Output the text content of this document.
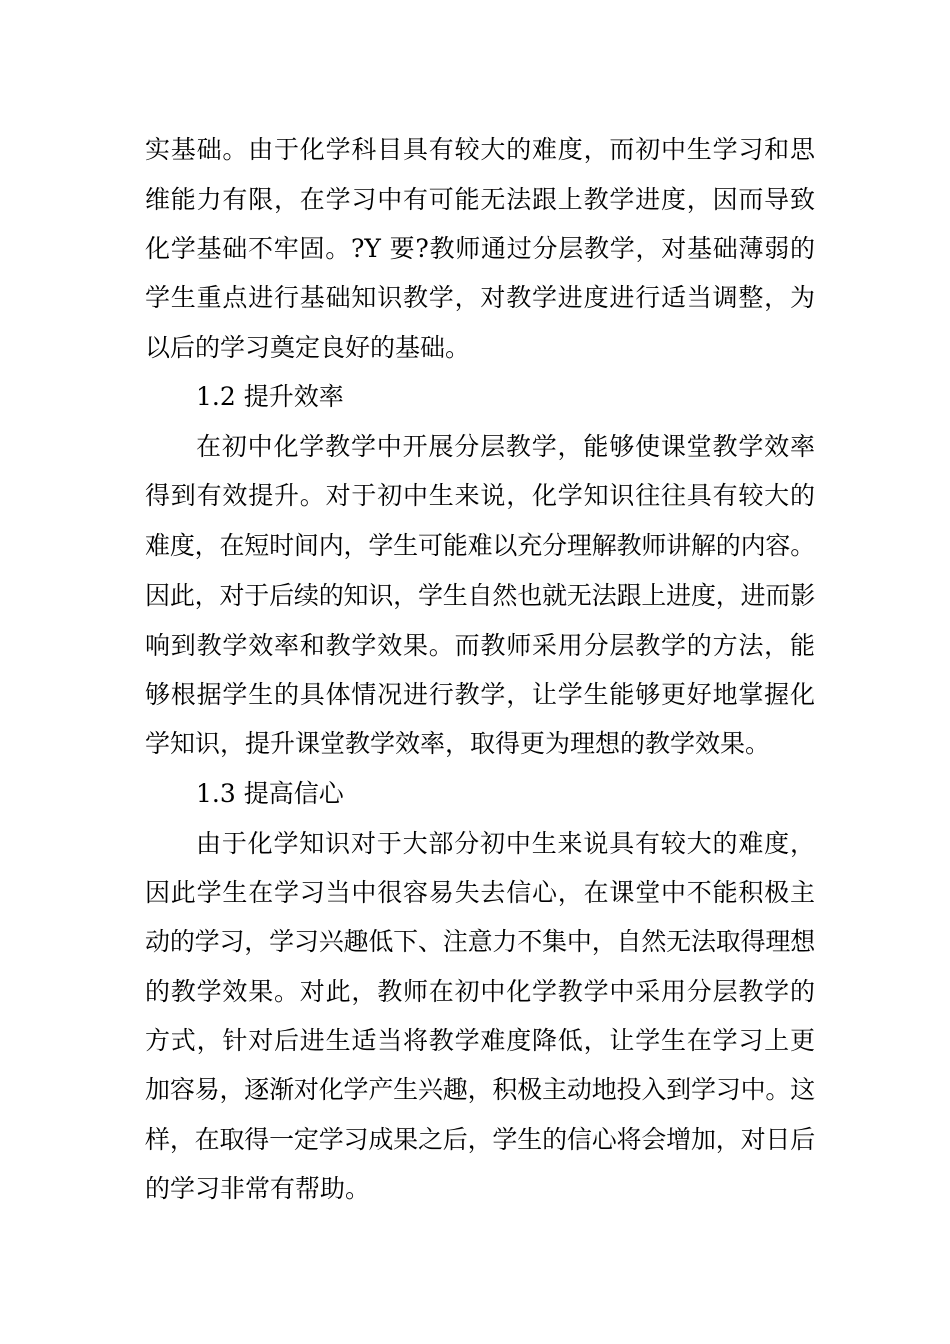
实基础。由于化学科目具有较大的难度，而初中生学习和思

维能力有限，在学习中有可能无法跟上教学进度，因而导致

化学基础不牢固。?Y 要?教师通过分层教学，对基础薄弱的

学生重点进行基础知识教学，对教学进度进行适当调整，为

以后的学习奠定良好的基础。

1.2 提升效率

在初中化学教学中开展分层教学，能够使课堂教学效率

得到有效提升。对于初中生来说，化学知识往往具有较大的

难度，在短时间内，学生可能难以充分理解教师讲解的内容。

因此，对于后续的知识，学生自然也就无法跟上进度，进而影

响到教学效率和教学效果。而教师采用分层教学的方法，能

够根据学生的具体情况进行教学，让学生能够更好地掌握化

学知识，提升课堂教学效率，取得更为理想的教学效果。

1.3 提高信心

由于化学知识对于大部分初中生来说具有较大的难度，

因此学生在学习当中很容易失去信心，在课堂中不能积极主

动的学习，学习兴趣低下、注意力不集中，自然无法取得理想

的教学效果。对此，教师在初中化学教学中采用分层教学的

方式，针对后进生适当将教学难度降低，让学生在学习上更

加容易，逐渐对化学产生兴趣，积极主动地投入到学习中。这

样，在取得一定学习成果之后，学生的信心将会增加，对日后

的学习非常有帮助。
